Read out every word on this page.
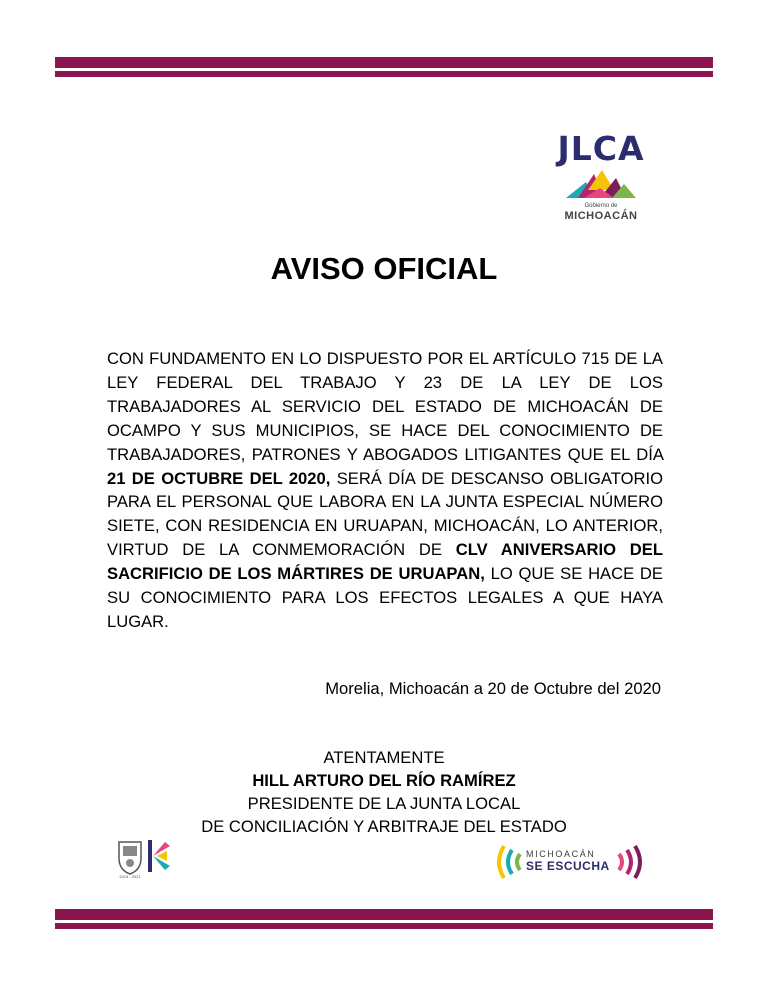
JLCA
Gobierno de
MICHOACÁN
AVISO OFICIAL
CON FUNDAMENTO EN LO DISPUESTO POR EL ARTÍCULO 715 DE LA LEY FEDERAL DEL TRABAJO Y 23 DE LA LEY DE LOS TRABAJADORES AL SERVICIO DEL ESTADO DE MICHOACÁN DE OCAMPO Y SUS MUNICIPIOS, SE HACE DEL CONOCIMIENTO DE TRABAJADORES, PATRONES Y ABOGADOS LITIGANTES QUE EL DÍA 21 DE OCTUBRE DEL 2020, SERÁ DÍA DE DESCANSO OBLIGATORIO PARA EL PERSONAL QUE LABORA EN LA JUNTA ESPECIAL NÚMERO SIETE, CON RESIDENCIA EN URUAPAN, MICHOACÁN, LO ANTERIOR, VIRTUD DE LA CONMEMORACIÓN DE CLV ANIVERSARIO DEL SACRIFICIO DE LOS MÁRTIRES DE URUAPAN, LO QUE SE HACE DE SU CONOCIMIENTO PARA LOS EFECTOS LEGALES A QUE HAYA LUGAR.
Morelia, Michoacán a 20 de Octubre del 2020
ATENTAMENTE
HILL ARTURO DEL RÍO RAMÍREZ
PRESIDENTE DE LA JUNTA LOCAL
DE CONCILIACIÓN Y ARBITRAJE DEL ESTADO
2015 - 2021
MICHOACÁN
SE ESCUCHA
